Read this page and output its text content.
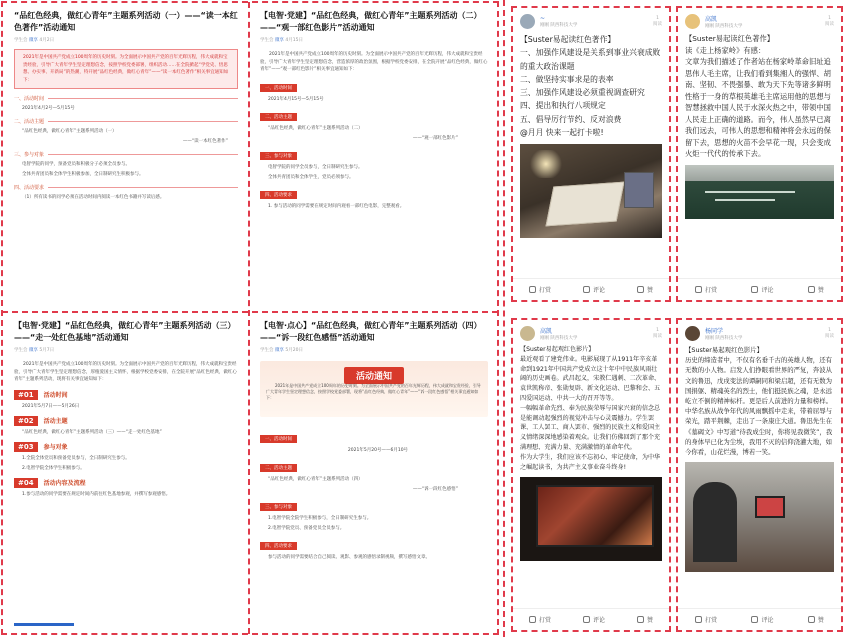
“品红色经典，做红心青年”主题系列活动（一）——“读一本红色著作”活动通知
学生会 微享 4月2日
2021年是中国共产党成立100周年的历史时刻。为全面展示中国共产党的百年光辉历程，伟大成就和宝贵经验，引导广大青年学生坚定理想信念，按照学校党委部署，组织活动……在全院掀起“学党史、悟思想、办实事、开新局”的热潮，特开展“品红色经典，做红心青年”——“读一本红色著作”相关事宜通知如下：
一、活动时间
2021年4月2号—5月15号
二、活动主题
“品红色经典，做红心青年”主题系列活动（一）
——“读一本红色著作”
三、参与对象
电智学院的同学，预备党员和积极分子必须全员参与。
全体共青团员和全体学生积极参加，全日制研究生积极参与。
四、活动要求
（1）所有读书的同学必须在活动时间内阅读一本红色书籍并写读后感。
【电智·党建】“品红色经典，做红心青年”主题系列活动（二）——“观一部红色影片”活动通知
学生会 微享 4月15日
2021年是中国共产党成立100周年的历史时刻。为全面展示中国共产党的百年光辉历程，伟大成就和宝贵经验，引导广大青年学生坚定理想信念，营造浓厚的政治氛围，根据学校党委安排，在全院开展“品红色经典，做红心青年”——“观一部红色影片”相关事宜通知如下：
一、活动时间
2021年4月15号—5月15号
二、活动主题
“品红色经典，做红心青年”主题系列活动（二）
——“观一部红色影片”
三、参与对象
电智学院的同学全员参与，全日制研究生参与。
全体共青团员和全体学生，党员必须参与。
四、活动要求
1. 参与活动的同学需要在规定时间内观看一部红色电影，完整观看。
【电智·党建】“品红色经典，做红心青年”主题系列活动（三）——“走一处红色基地”活动通知
学生会 微享 5月7日
2021年是中国共产党成立100周年的历史时刻。为全面展示中国共产党的百年光辉历程，伟大成就和宝贵经验，引导广大青年学生坚定理想信念，厚植爱国主义情怀，根据学校党委安排，在全院开展“品红色经典，做红心青年”主题系列活动，现将有关事宜通知如下：
#01	活动时间
2021年5月7日——5月26日
#02	活动主题
“品红色经典，做红心青年”主题系列活动（三）——“走一处红色基地”
#03	参与对象
1.全院全体党员和预备党员参与，全日制研究生参与。
2.电智学院全体学生积极参与。
#04	活动内容及流程
1.参与活动的同学需要在规定时间内前往红色基地参观，并撰写参观感悟。
【电智·点心】“品红色经典，做红心青年”主题系列活动（四）——“诉一段红色感悟”活动通知
学生会 微享 5月20日
活动通知
2021年是中国共产党成立100周年的历史时刻。为全面展示中国共产党的百年光辉历程，伟大成就和宝贵经验，引导广大青年学生坚定理想信念，按照学校党委部署，现将“品红色经典，做红心青年”——“诉一段红色感悟”相关事宜通知如下：
一、活动时间
2021年5月20号——6月10号
二、活动主题
“品红色经典，做红心青年”主题系列活动（四）
——“诉一段红色感悟”
三、参与对象
1.电智学院全院学生积极参与，全日制研究生参与。
2.电智学院党员、预备党员全员参与。
四、活动要求
参与活动的同学需要结合自己阅读、观影、参观的感悟录制视频，撰写感悟文章。
~
刚刚 陕西科技大学
1
阅读
【Suster易起读红色著作】
一、加强作风建设是关系到事业兴衰成败的重大政治课题
二、做坚持实事求是的表率
三、加强作风建设必须重视调查研究
四、提出和执行八项规定
五、倡导厉行节约、反对浪费
@月月 快来一起打卡啦!
打赏	评论	赞
高凯
刚刚 陕西科技大学
1
阅读
【Suster易起读红色著作】
读《走上杨家岭》有感：
文章为我们描述了作者站在杨家岭革命旧址追思伟人毛主席，让我们看到集湘人的强悍、胡南、坚韧、不畏强暴、敢为天下先等诸多鲜明性格于一身的草根英雄毛主席运用他的思想与智慧拯救中国人民于水深火热之中，带领中国人民走上正确的道路。而今，伟人虽然早已离我们远去，可伟人的思想和精神将会永远的保留下去，思想的火苗不会早花一现，只会变成火炬一代代的传承下去。
打赏	评论	赞
高凯
刚刚 陕西科技大学
1
阅读
【Suster易起观红色影片】
最近观看了建党伟业。电影展现了从1911年辛亥革命到1921年中国共产党成立这十年中中民族风雨壮阔的历史画卷。武昌起义，宋教仁遇刺、二次革命、袁世凯称帝、张勋复辟、新文化运动、巴黎和会、五四爱国运动、中共一大的召开等等。
一幅幅革命先烈、奉为民族荣辱与国家兴衰的信念总是能调动起强烈的视觉冲击与心灵震撼力。学生罢课、工人罢工、商人罢市、强烈的民族主义和爱国主义情绪深深地感染着观众。让我们仿佛回到了那个充满理想、充满力量、充满激情的革命年代。
作为大学生，我们应该不忘初心、牢记使命，为中华之崛起读书，为共产主义事业奋斗终身!
打赏	评论	赞
杨同学
刚刚 陕西科技大学
1
阅读
【Suster易起观红色影片】
历史的缔造者中，不仅有名垂千古的英雄人物，还有无数的小人物。启发人们挣眼看世界的严复，奔波从文的鲁迅，戊戌变法的谭嗣同和梁启超，还有无数为国捐躯、精魂英名的烈士，他们挺民族之魂，是永远屹立不倒的精神标杆。更是后人前进的力量和榜样。中华名族从战争年代的风雨飘摇中走来，带着屈辱与荣光，踏平荆棘，走出了一条康庄大道。鲁迅先生在《墓碣文》中写道“待我成尘时，你将见我微笑”，我的身体早已化为尘埃，我用不灭的信仰浇灌大地，如今你看，山花烂漫，博若一笑。
新闻网
SUST NEWS NET
打赏	评论	赞
